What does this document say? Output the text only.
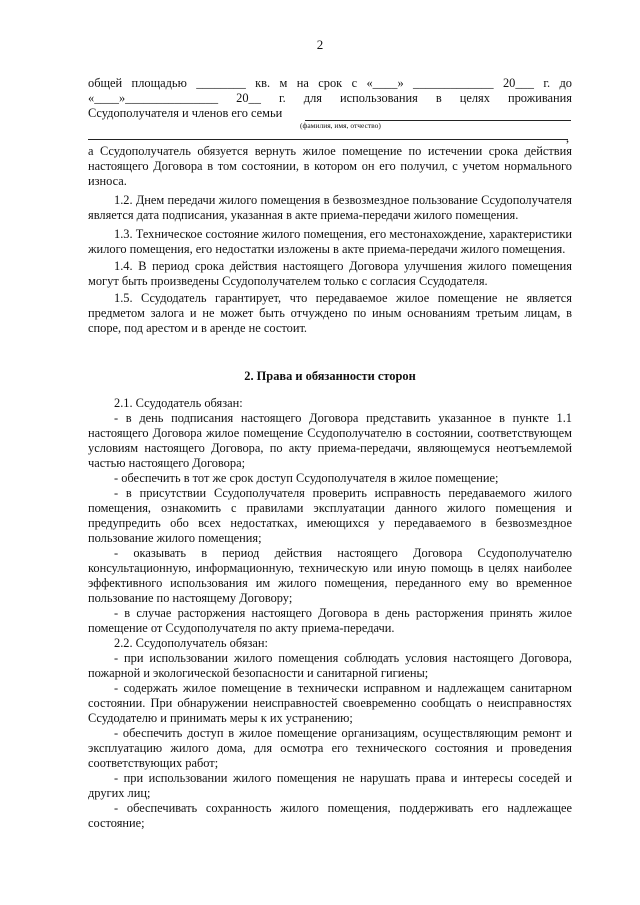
2
общей площадью ________ кв. м на срок с «____» _____________ 20___ г. до
«____»_______________ 20__ г. для использования в целях проживания
Ссудополучателя и членов его семьи
(фамилия, имя, отчество)
,

а Ссудополучатель обязуется вернуть жилое помещение по истечении срока действия настоящего Договора в том состоянии, в котором он его получил, с учетом нормального износа.

1.2. Днем передачи жилого помещения в безвозмездное пользование Ссудополучателя является дата подписания, указанная в акте приема-передачи жилого помещения.

1.3. Техническое состояние жилого помещения, его местонахождение, характеристики жилого помещения, его недостатки изложены в акте приема-передачи жилого помещения.

1.4. В период срока действия настоящего Договора улучшения жилого помещения могут быть произведены Ссудополучателем только с согласия Ссудодателя.

1.5. Ссудодатель гарантирует, что передаваемое жилое помещение не является предметом залога и не может быть отчуждено по иным основаниям третьим лицам, в споре, под арестом и в аренде не состоит.

2. Права и обязанности сторон

2.1. Ссудодатель обязан:

- в день подписания настоящего Договора представить указанное в пункте 1.1 настоящего Договора жилое помещение Ссудополучателю в состоянии, соответствующем условиям настоящего Договора, по акту приема-передачи, являющемуся неотъемлемой частью настоящего Договора;

- обеспечить в тот же срок доступ Ссудополучателя в жилое помещение;

- в присутствии Ссудополучателя проверить исправность передаваемого жилого помещения, ознакомить с правилами эксплуатации данного жилого помещения и предупредить обо всех недостатках, имеющихся у передаваемого в безвозмездное пользование жилого помещения;

- оказывать в период действия настоящего Договора Ссудополучателю консультационную, информационную, техническую или иную помощь в целях наиболее эффективного использования им жилого помещения, переданного ему во временное пользование по настоящему Договору;

- в случае расторжения настоящего Договора в день расторжения принять жилое помещение от Ссудополучателя по акту приема-передачи.

2.2. Ссудополучатель обязан:

- при использовании жилого помещения соблюдать условия настоящего Договора, пожарной и экологической безопасности и санитарной гигиены;

- содержать жилое помещение в технически исправном и надлежащем санитарном состоянии. При обнаружении неисправностей своевременно сообщать о неисправностях Ссудодателю и принимать меры к их устранению;

- обеспечить доступ в жилое помещение организациям, осуществляющим ремонт и эксплуатацию жилого дома, для осмотра его технического состояния и проведения соответствующих работ;

- при использовании жилого помещения не нарушать права и интересы соседей и других лиц;

- обеспечивать сохранность жилого помещения, поддерживать его надлежащее состояние;
